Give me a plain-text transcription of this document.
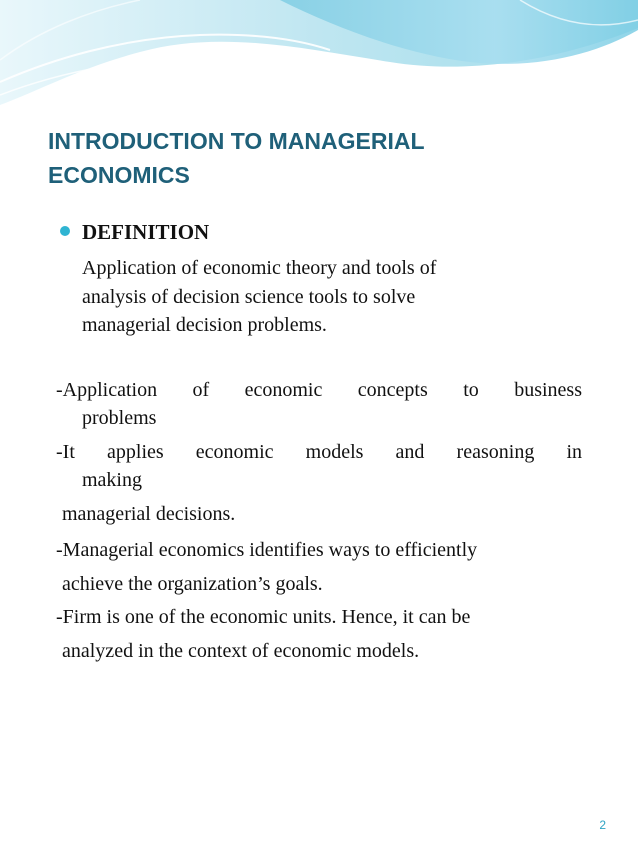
INTRODUCTION TO MANAGERIAL
ECONOMICS
DEFINITION
Application of economic theory and tools of
analysis of decision science tools to solve
managerial decision problems.
-Application of economic concepts to business
problems
-It applies economic models and reasoning in
making
managerial decisions.
-Managerial economics identifies ways to efficiently
achieve the organization’s goals.
-Firm is one of the economic units. Hence, it can be
analyzed in the context of economic models.
2
